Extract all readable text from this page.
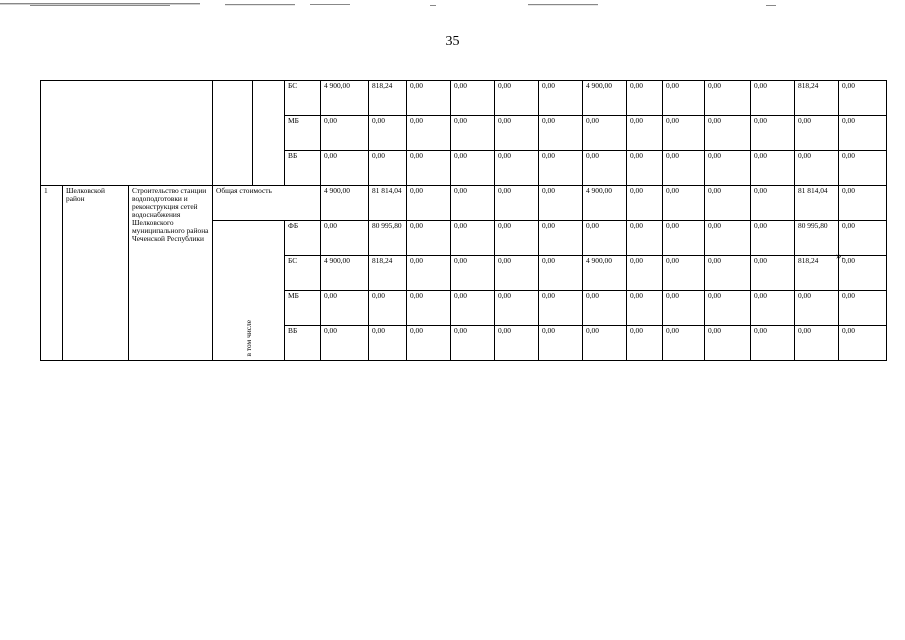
35
					БС	4 900,00	818,24	0,00	0,00	0,00	0,00	4 900,00	0,00	0,00	0,00	0,00	818,24	0,00	
					МБ	0,00	0,00	0,00	0,00	0,00	0,00	0,00	0,00	0,00	0,00	0,00	0,00	0,00	
					ВБ	0,00	0,00	0,00	0,00	0,00	0,00	0,00	0,00	0,00	0,00	0,00	0,00	0,00	
1	Шелковской район	Строительство станции водоподготовки и реконструкция сетей водоснабжения Шелковского муниципального района Чеченской Республики	Общая стоимость			4 900,00	81 814,04	0,00	0,00	0,00	0,00	4 900,00	0,00	0,00	0,00	0,00	81 814,04	0,00	
			в том числе		ФБ	0,00	80 995,80	0,00	0,00	0,00	0,00	0,00	0,00	0,00	0,00	0,00	80 995,80	0,00	
					БС	4 900,00	818,24	0,00	0,00	0,00	0,00	4 900,00	0,00	0,00	0,00	0,00	818,24	0,00	
					МБ	0,00	0,00	0,00	0,00	0,00	0,00	0,00	0,00	0,00	0,00	0,00	0,00	0,00	
					ВБ	0,00	0,00	0,00	0,00	0,00	0,00	0,00	0,00	0,00	0,00	0,00	0,00	0,00	
».
